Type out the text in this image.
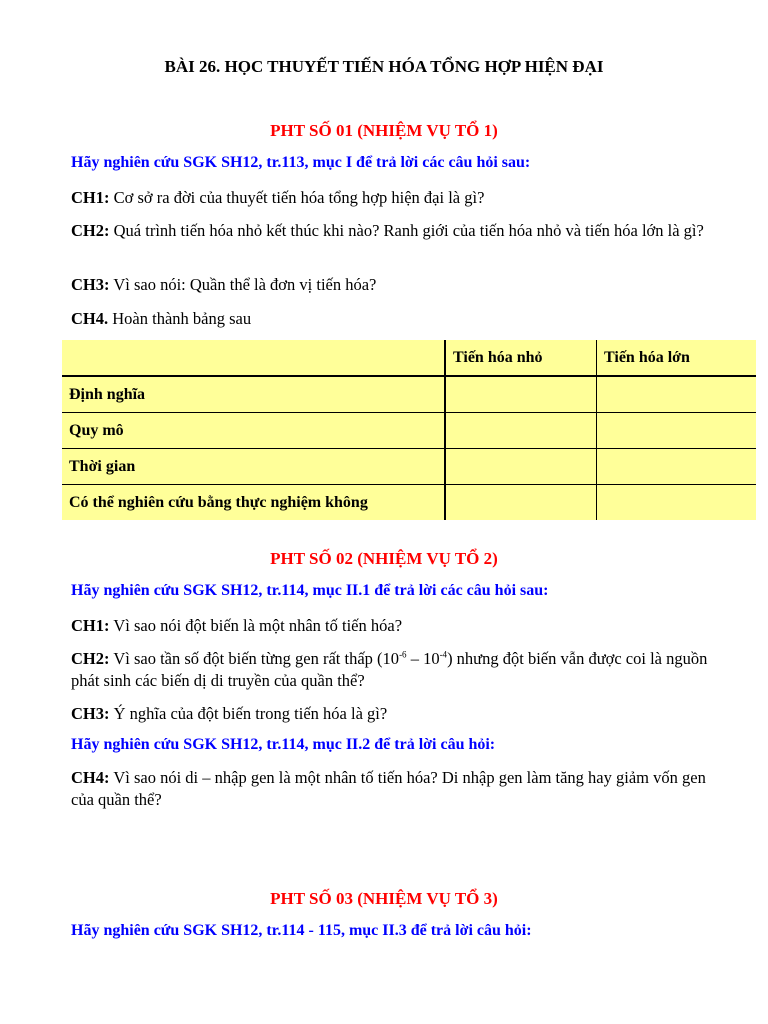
BÀI 26. HỌC THUYẾT TIẾN HÓA TỔNG HỢP HIỆN ĐẠI
PHT SỐ 01 (NHIỆM VỤ TỔ 1)
Hãy nghiên cứu SGK SH12, tr.113, mục I để trả lời các câu hỏi sau:
CH1: Cơ sở ra đời của thuyết tiến hóa tổng hợp hiện đại là gì?
CH2: Quá trình tiến hóa nhỏ kết thúc khi nào? Ranh giới của tiến hóa nhỏ và tiến hóa lớn là gì?
CH3: Vì sao nói: Quần thể là đơn vị tiến hóa?
CH4. Hoàn thành bảng sau
	Tiến hóa nhỏ	Tiến hóa lớn
Định nghĩa		
Quy mô		
Thời gian		
Có thể nghiên cứu bằng thực nghiệm không		
PHT SỐ 02 (NHIỆM VỤ TỔ 2)
Hãy nghiên cứu SGK SH12, tr.114, mục II.1 để trả lời các câu hỏi sau:
CH1: Vì sao nói đột biến là một nhân tố tiến hóa?
CH2: Vì sao tần số đột biến từng gen rất thấp $(10^{-6} - 10^{-4})$ nhưng đột biến vẫn được coi là nguồn phát sinh các biến dị di truyền của quần thể?
CH3: Ý nghĩa của đột biến trong tiến hóa là gì?
Hãy nghiên cứu SGK SH12, tr.114, mục II.2 để trả lời câu hỏi:
CH4: Vì sao nói di – nhập gen là một nhân tố tiến hóa? Di nhập gen làm tăng hay giảm vốn gen của quần thể?
PHT SỐ 03 (NHIỆM VỤ TỔ 3)
Hãy nghiên cứu SGK SH12, tr.114 - 115, mục II.3 để trả lời câu hỏi:
